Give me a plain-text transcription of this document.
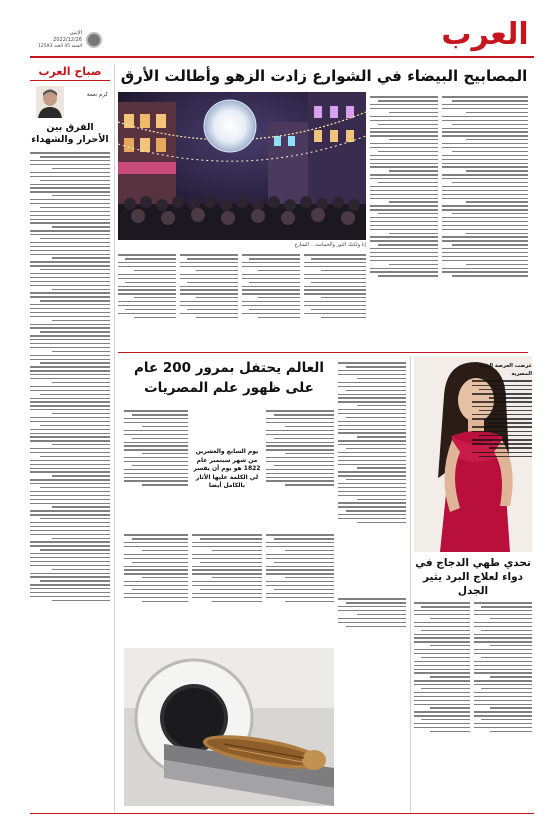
العرب
الإثنين
2022/12/26
السنة 45 العدد 12593
صباح العرب
كرم نعمة
الفرق بين الأحرار والشهداء
المصابيح البيضاء في الشوارع زادت الزهو وأطالت الأرق
إنا ولكنك النور والحماسة... الشارع
العالم يحتفل بمرور 200 عام على ظهور علم المصريات
يوم السابع والعشرين من شهر سبتمبر عام 1822 هو يوم أن يفسر لي الكلمة عليها الأثار بالكامل أيضا
عرضت العرضة الفنية المصرية
تحدي طهي الدجاج في دواء لعلاج البرد يثير الجدل
